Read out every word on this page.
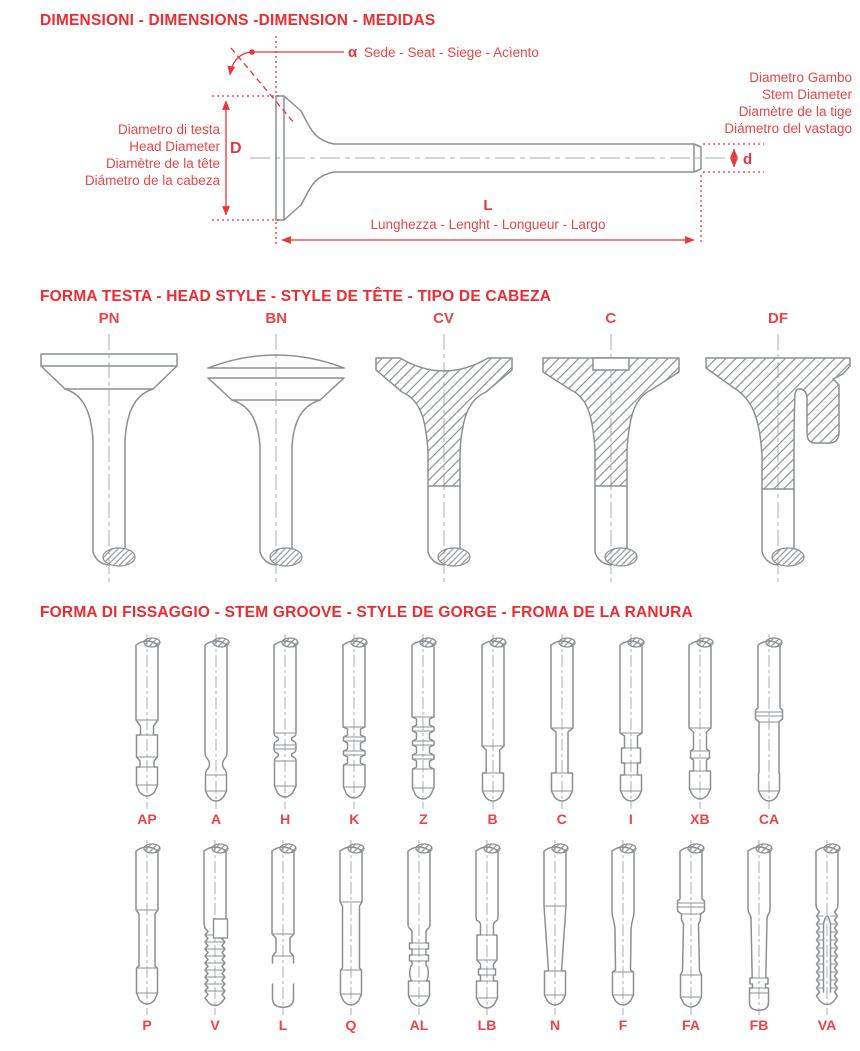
DIMENSIONI - DIMENSIONS -DIMENSION - MEDIDAS
α Sede - Seat - Siege - Acìento
Diametro Gambo
Stem Diameter
Diamètre de la tige
Diámetro del vastago
d
D
Diametro di testa
Head Diameter
Diamètre de la tête
Diámetro de la cabeza
L
Lunghezza - Lenght - Longueur - Largo
FORMA TESTA - HEAD STYLE - STYLE DE TÊTE - TIPO DE CABEZA
PN	BN	CV	C	DF
FORMA DI FISSAGGIO - STEM GROOVE - STYLE DE GORGE - FROMA DE LA RANURA
AP	A	H	K	Z	B	C	I	XB	CA
P	V	L	Q	AL	LB	N	F	FA	FB	VA
